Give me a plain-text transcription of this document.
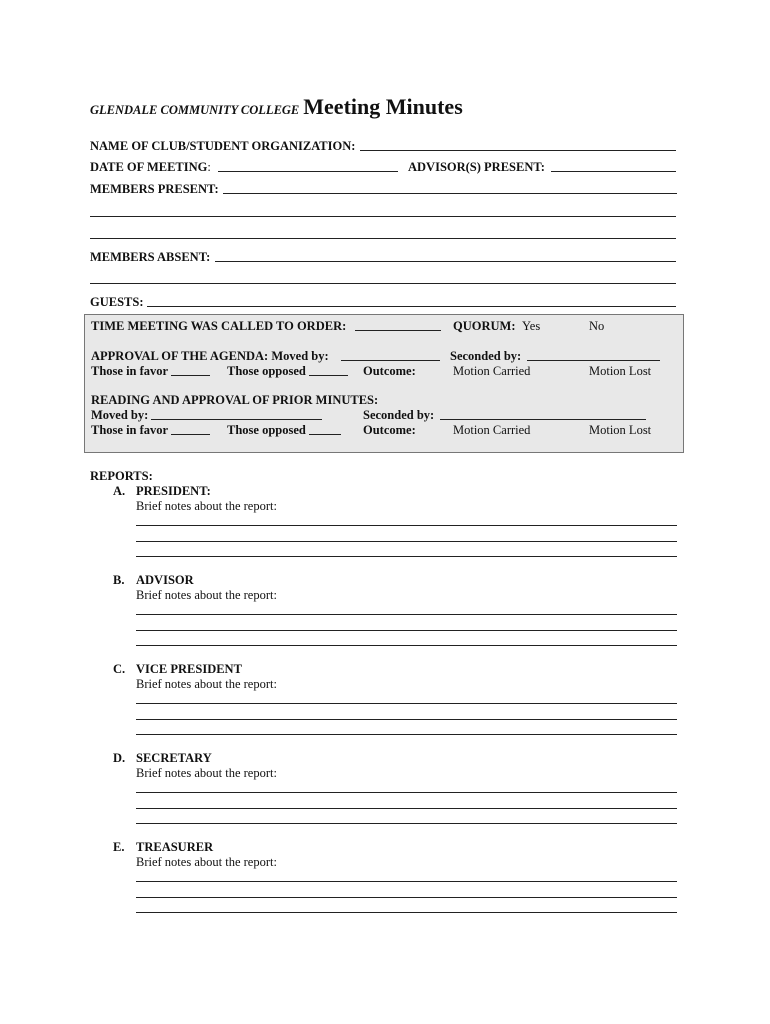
GLENDALE COMMUNITY COLLEGE Meeting Minutes
NAME OF CLUB/STUDENT ORGANIZATION:
DATE OF MEETING:	ADVISOR(S) PRESENT:
MEMBERS PRESENT:
MEMBERS ABSENT:
GUESTS:
TIME MEETING WAS CALLED TO ORDER:	QUORUM: Yes	No
APPROVAL OF THE AGENDA: Moved by:	Seconded by:
Those in favor	Those opposed	Outcome:	Motion Carried	Motion Lost
READING AND APPROVAL OF PRIOR MINUTES:
Moved by:	Seconded by:
Those in favor	Those opposed	Outcome:	Motion Carried	Motion Lost
REPORTS:
A. PRESIDENT:
Brief notes about the report:
B. ADVISOR
Brief notes about the report:
C. VICE PRESIDENT
Brief notes about the report:
D. SECRETARY
Brief notes about the report:
E. TREASURER
Brief notes about the report:
